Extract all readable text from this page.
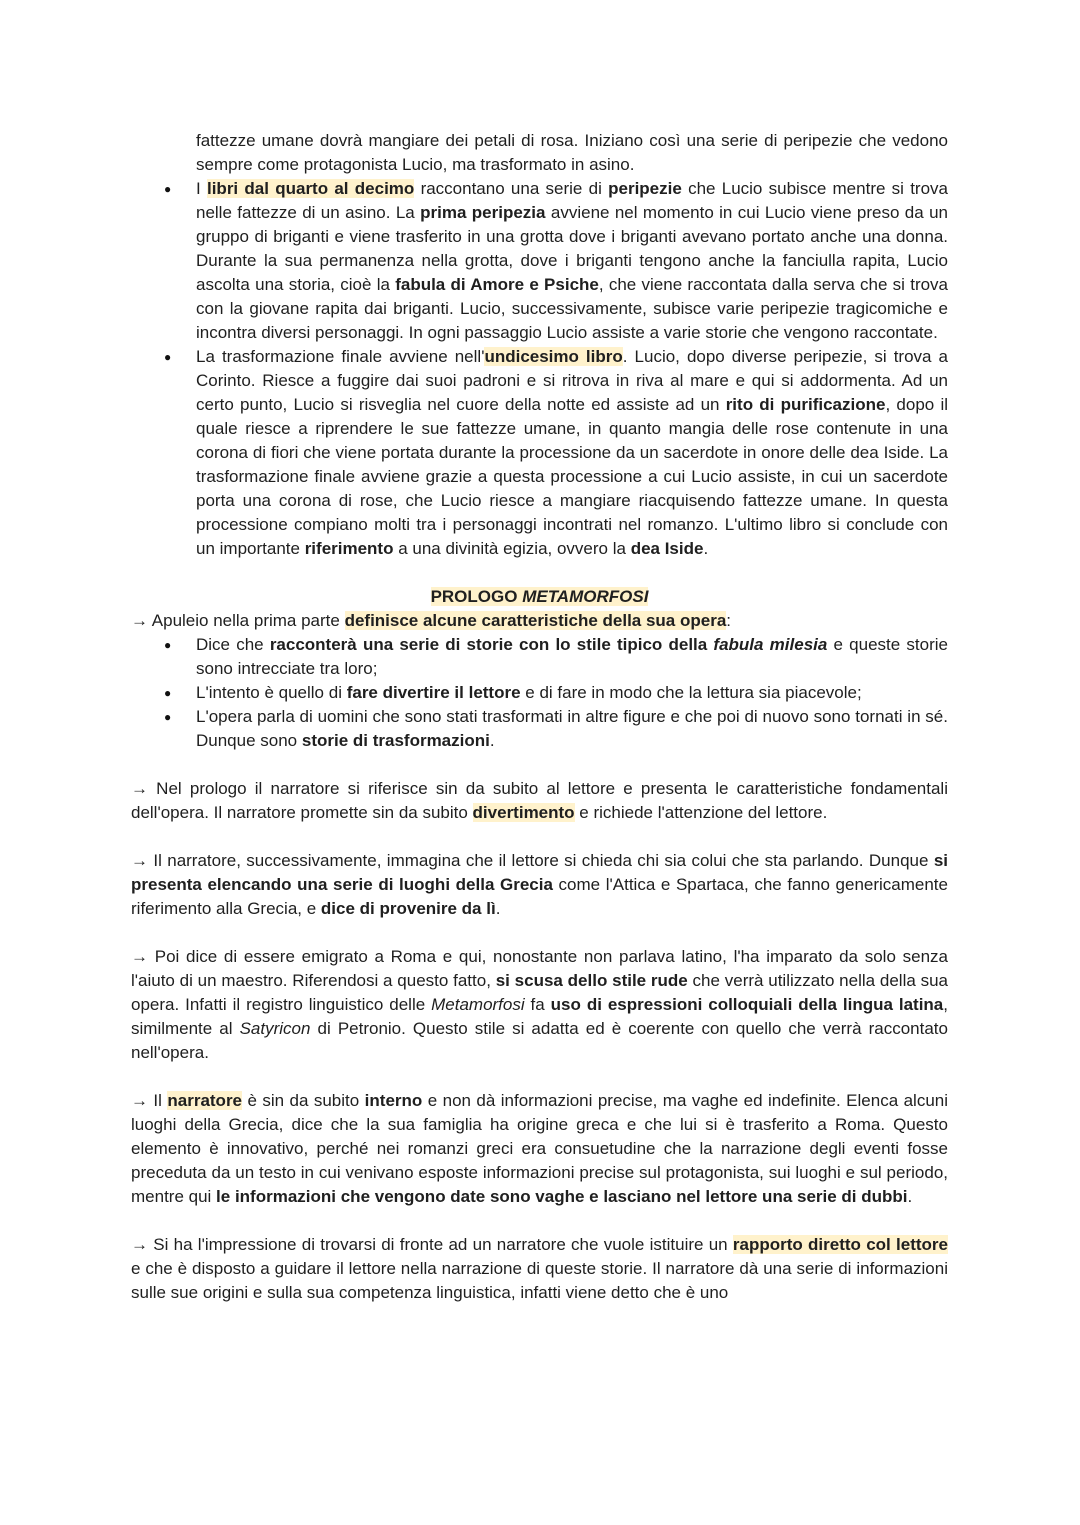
fattezze umane dovrà mangiare dei petali di rosa. Iniziano così una serie di peripezie che vedono sempre come protagonista Lucio, ma trasformato in asino.

● I libri dal quarto al decimo raccontano una serie di peripezie che Lucio subisce mentre si trova nelle fattezze di un asino. La prima peripezia avviene nel momento in cui Lucio viene preso da un gruppo di briganti e viene trasferito in una grotta dove i briganti avevano portato anche una donna. Durante la sua permanenza nella grotta, dove i briganti tengono anche la fanciulla rapita, Lucio ascolta una storia, cioè la fabula di Amore e Psiche, che viene raccontata dalla serva che si trova con la giovane rapita dai briganti. Lucio, successivamente, subisce varie peripezie tragicomiche e incontra diversi personaggi. In ogni passaggio Lucio assiste a varie storie che vengono raccontate.
● La trasformazione finale avviene nell'undicesimo libro. Lucio, dopo diverse peripezie, si trova a Corinto. Riesce a fuggire dai suoi padroni e si ritrova in riva al mare e qui si addormenta. Ad un certo punto, Lucio si risveglia nel cuore della notte ed assiste ad un rito di purificazione, dopo il quale riesce a riprendere le sue fattezze umane, in quanto mangia delle rose contenute in una corona di fiori che viene portata durante la processione da un sacerdote in onore delle dea Iside. La trasformazione finale avviene grazie a questa processione a cui Lucio assiste, in cui un sacerdote porta una corona di rose, che Lucio riesce a mangiare riacquisendo fattezze umane. In questa processione compiano molti tra i personaggi incontrati nel romanzo. L'ultimo libro si conclude con un importante riferimento a una divinità egizia, ovvero la dea Iside.
PROLOGO METAMORFOSI

→ Apuleio nella prima parte definisce alcune caratteristiche della sua opera:

● Dice che racconterà una serie di storie con lo stile tipico della fabula milesia e queste storie sono intrecciate tra loro;
● L'intento è quello di fare divertire il lettore e di fare in modo che la lettura sia piacevole;
● L'opera parla di uomini che sono stati trasformati in altre figure e che poi di nuovo sono tornati in sé. Dunque sono storie di trasformazioni.

→ Nel prologo il narratore si riferisce sin da subito al lettore e presenta le caratteristiche fondamentali dell'opera. Il narratore promette sin da subito divertimento e richiede l'attenzione del lettore.

→ Il narratore, successivamente, immagina che il lettore si chieda chi sia colui che sta parlando. Dunque si presenta elencando una serie di luoghi della Grecia come l'Attica e Spartaca, che fanno genericamente riferimento alla Grecia, e dice di provenire da lì.

→ Poi dice di essere emigrato a Roma e qui, nonostante non parlava latino, l'ha imparato da solo senza l'aiuto di un maestro. Riferendosi a questo fatto, si scusa dello stile rude che verrà utilizzato nella della sua opera. Infatti il registro linguistico delle Metamorfosi fa uso di espressioni colloquiali della lingua latina, similmente al Satyricon di Petronio. Questo stile si adatta ed è coerente con quello che verrà raccontato nell'opera.

→ Il narratore è sin da subito interno e non dà informazioni precise, ma vaghe ed indefinite. Elenca alcuni luoghi della Grecia, dice che la sua famiglia ha origine greca e che lui si è trasferito a Roma. Questo elemento è innovativo, perché nei romanzi greci era consuetudine che la narrazione degli eventi fosse preceduta da un testo in cui venivano esposte informazioni precise sul protagonista, sui luoghi e sul periodo, mentre qui le informazioni che vengono date sono vaghe e lasciano nel lettore una serie di dubbi.

→ Si ha l'impressione di trovarsi di fronte ad un narratore che vuole istituire un rapporto diretto col lettore e che è disposto a guidare il lettore nella narrazione di queste storie. Il narratore dà una serie di informazioni sulle sue origini e sulla sua competenza linguistica, infatti viene detto che è uno
